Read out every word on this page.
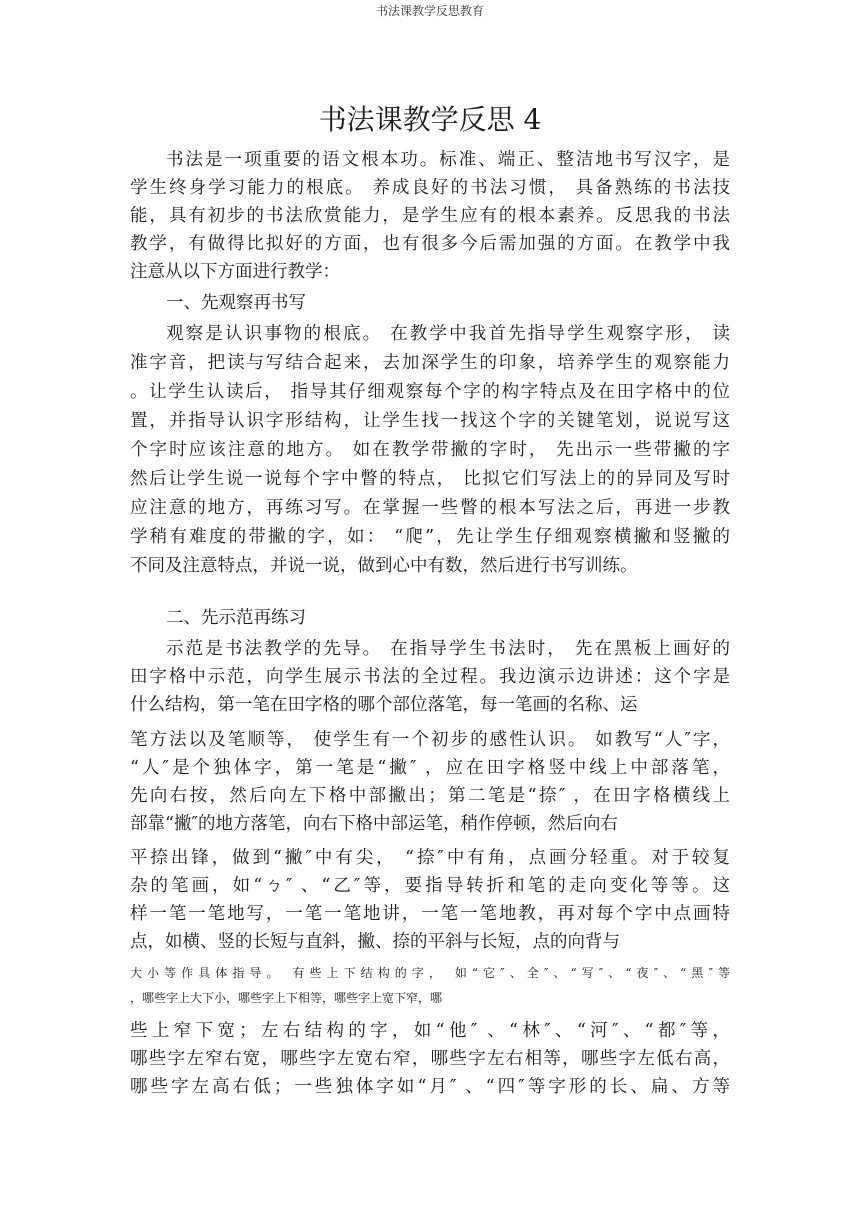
书法课教学反思教育
书法课教学反思 4
书法是一项重要的语文根本功。标准、端正、整洁地书写汉字，是
学生终身学习能力的根底。 养成良好的书法习惯， 具备熟练的书法技
能，具有初步的书法欣赏能力，是学生应有的根本素养。反思我的书法
教学，有做得比拟好的方面，也有很多今后需加强的方面。在教学中我
注意从以下方面进行教学：
一、先观察再书写
观察是认识事物的根底。 在教学中我首先指导学生观察字形， 读
准字音，把读与写结合起来，去加深学生的印象，培养学生的观察能力
。让学生认读后， 指导其仔细观察每个字的构字特点及在田字格中的位
置，并指导认识字形结构，让学生找一找这个字的关键笔划，说说写这
个字时应该注意的地方。 如在教学带撇的字时， 先出示一些带撇的字
然后让学生说一说每个字中瞥的特点， 比拟它们写法上的的异同及写时
应注意的地方，再练习写。在掌握一些瞥的根本写法之后，再进一步教
学稍有难度的带撇的字，如： “爬”，先让学生仔细观察横撇和竖撇的
不同及注意特点，并说一说，做到心中有数，然后进行书写训练。
二、先示范再练习
示范是书法教学的先导。 在指导学生书法时， 先在黑板上画好的
田字格中示范，向学生展示书法的全过程。我边演示边讲述：这个字是
什么结构，第一笔在田字格的哪个部位落笔，每一笔画的名称、运
笔方法以及笔顺等， 使学生有一个初步的感性认识。 如教写“人″字，
“人″是个独体字，第一笔是“撇″ ，应在田字格竖中线上中部落笔，
先向右按，然后向左下格中部撇出；第二笔是“捺″ ，在田字格横线上
部靠“撇″的地方落笔，向右下格中部运笔，稍作停顿，然后向右
平捺出锋，做到“撇″中有尖， “捺″中有角，点画分轻重。对于较复
杂的笔画，如“ㄅ″ 、“乙″等，要指导转折和笔的走向变化等等。这
样一笔一笔地写，一笔一笔地讲，一笔一笔地教，再对每个字中点画特
点，如横、竖的长短与直斜，撇、捺的平斜与长短，点的向背与
大小等作具体指导。 有些上下结构的字， 如“它″、全″、“写″、“夜″、“黑″等
，哪些字上大下小，哪些字上下相等，哪些字上宽下窄，哪
些上窄下宽；左右结构的字，如“他″ 、“林″、“河″、“都″等，
哪些字左窄右宽，哪些字左宽右窄，哪些字左右相等，哪些字左低右高，
哪些字左高右低；一些独体字如“月″ 、“四″等字形的长、扁、方等
